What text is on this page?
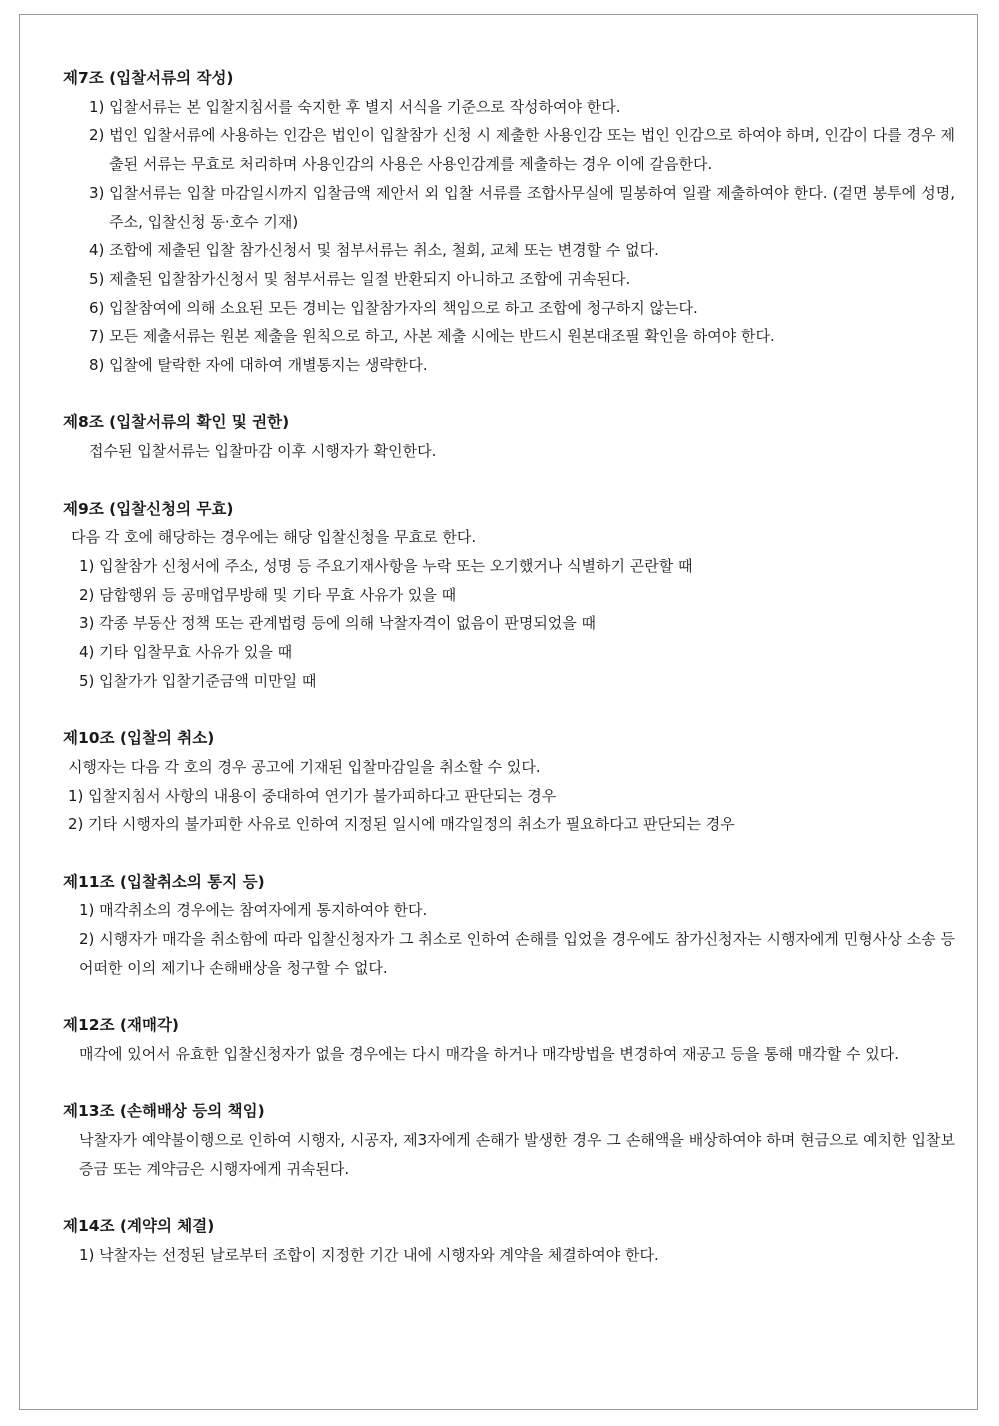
제7조 (입찰서류의 작성)
1) 입찰서류는 본 입찰지침서를 숙지한 후 별지 서식을 기준으로 작성하여야 한다.
2) 법인 입찰서류에 사용하는 인감은 법인이 입찰참가 신청 시 제출한 사용인감 또는 법인 인감으로 하여야 하며, 인감이 다를 경우 제출된 서류는 무효로 처리하며 사용인감의 사용은 사용인감계를 제출하는 경우 이에 갈음한다.
3) 입찰서류는 입찰 마감일시까지 입찰금액 제안서 외 입찰 서류를 조합사무실에 밀봉하여 일괄 제출하여야 한다. (겉면 봉투에 성명, 주소, 입찰신청 동·호수 기재)
4) 조합에 제출된 입찰 참가신청서 및 첨부서류는 취소, 철회, 교체 또는 변경할 수 없다.
5) 제출된 입찰참가신청서 및 첨부서류는 일절 반환되지 아니하고 조합에 귀속된다.
6) 입찰참여에 의해 소요된 모든 경비는 입찰참가자의 책임으로 하고 조합에 청구하지 않는다.
7) 모든 제출서류는 원본 제출을 원칙으로 하고, 사본 제출 시에는 반드시 원본대조필 확인을 하여야 한다.
8) 입찰에 탈락한 자에 대하여 개별통지는 생략한다.
제8조 (입찰서류의 확인 및 권한)
접수된 입찰서류는 입찰마감 이후 시행자가 확인한다.
제9조 (입찰신청의 무효)
다음 각 호에 해당하는 경우에는 해당 입찰신청을 무효로 한다.
1) 입찰참가 신청서에 주소, 성명 등 주요기재사항을 누락 또는 오기했거나 식별하기 곤란할 때
2) 담합행위 등 공매업무방해 및 기타 무효 사유가 있을 때
3) 각종 부동산 정책 또는 관계법령 등에 의해 낙찰자격이 없음이 판명되었을 때
4) 기타 입찰무효 사유가 있을 때
5) 입찰가가 입찰기준금액 미만일 때
제10조 (입찰의 취소)
시행자는 다음 각 호의 경우 공고에 기재된 입찰마감일을 취소할 수 있다.
1) 입찰지침서 사항의 내용이 중대하여 연기가 불가피하다고 판단되는 경우
2) 기타 시행자의 불가피한 사유로 인하여 지정된 일시에 매각일정의 취소가 필요하다고 판단되는 경우
제11조 (입찰취소의 통지 등)
1) 매각취소의 경우에는 참여자에게 통지하여야 한다.
2) 시행자가 매각을 취소함에 따라 입찰신청자가 그 취소로 인하여 손해를 입었을 경우에도 참가신청자는 시행자에게 민형사상 소송 등 어떠한 이의 제기나 손해배상을 청구할 수 없다.
제12조 (재매각)
매각에 있어서 유효한 입찰신청자가 없을 경우에는 다시 매각을 하거나 매각방법을 변경하여 재공고 등을 통해 매각할 수 있다.
제13조 (손해배상 등의 책임)
낙찰자가 예약불이행으로 인하여 시행자, 시공자, 제3자에게 손해가 발생한 경우 그 손해액을 배상하여야 하며 현금으로 예치한 입찰보증금 또는 계약금은 시행자에게 귀속된다.
제14조 (계약의 체결)
1) 낙찰자는 선정된 날로부터 조합이 지정한 기간 내에 시행자와 계약을 체결하여야 한다.
